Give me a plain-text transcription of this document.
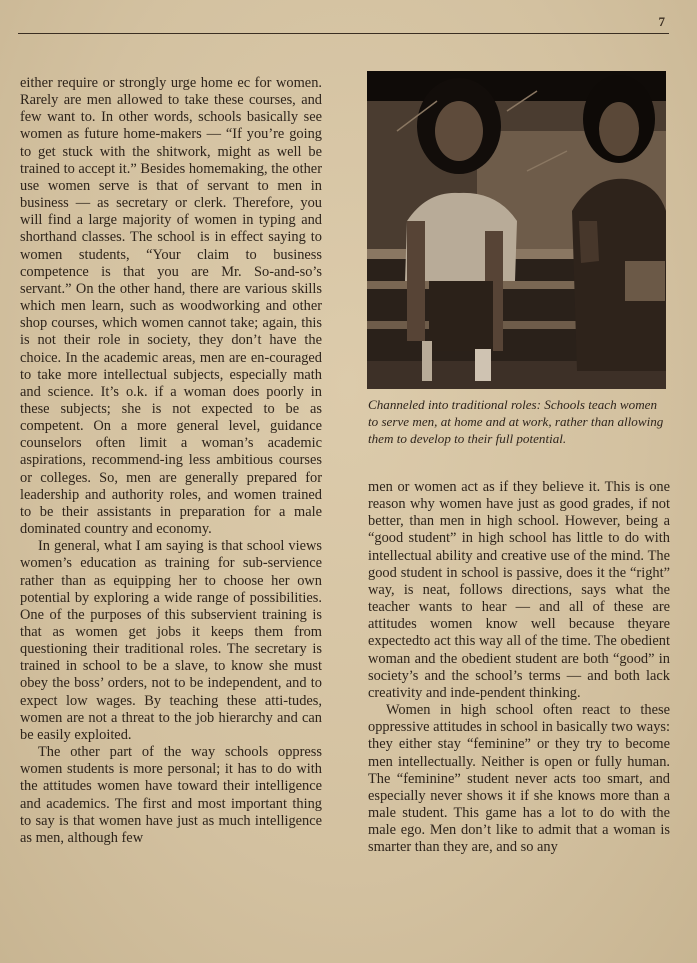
7

either require or strongly urge home ec for women. Rarely are men allowed to take these courses, and few want to. In other words, schools basically see women as future home-makers — “If you’re going to get stuck with the shitwork, might as well be trained to accept it.” Besides homemaking, the other use women serve is that of servant to men in business — as secretary or clerk. Therefore, you will find a large majority of women in typing and shorthand classes. The school is in effect saying to women students, “Your claim to business competence is that you are Mr. So-and-so’s servant.” On the other hand, there are various skills which men learn, such as woodworking and other shop courses, which women cannot take; again, this is not their role in society, they don’t have the choice. In the academic areas, men are en-couraged to take more intellectual subjects, especially math and science. It’s o.k. if a woman does poorly in these subjects; she is not expected to be as competent. On a more general level, guidance counselors often limit a woman’s academic aspirations, recommend-ing less ambitious courses or colleges. So, men are generally prepared for leadership and authority roles, and women trained to be their assistants in preparation for a male dominated country and economy.

In general, what I am saying is that school views women’s education as training for sub-servience rather than as equipping her to choose her own potential by exploring a wide range of possibilities. One of the purposes of this subservient training is that as women get jobs it keeps them from questioning their traditional roles. The secretary is trained in school to be a slave, to know she must obey the boss’ orders, not to be independent, and to expect low wages. By teaching these atti-tudes, women are not a threat to the job hierarchy and can be easily exploited.

The other part of the way schools oppress women students is more personal; it has to do with the attitudes women have toward their intelligence and academics. The first and most important thing to say is that women have just as much intelligence as men, although few

Channeled into traditional roles: Schools teach women to serve men, at home and at work, rather than allowing them to develop to their full potential.

men or women act as if they believe it. This is one reason why women have just as good grades, if not better, than men in high school. However, being a “good student” in high school has little to do with intellectual ability and creative use of the mind. The good student in school is passive, does it the “right” way, is neat, follows directions, says what the teacher wants to hear — and all of these are attitudes women know well because theyare expectedto act this way all of the time. The obedient woman and the obedient student are both “good” in society’s and the school’s terms — and both lack creativity and inde-pendent thinking.

Women in high school often react to these oppressive attitudes in school in basically two ways: they either stay “feminine” or they try to become men intellectually. Neither is open or fully human. The “feminine” student never acts too smart, and especially never shows it if she knows more than a male student. This game has a lot to do with the male ego. Men don’t like to admit that a woman is smarter than they are, and so any
